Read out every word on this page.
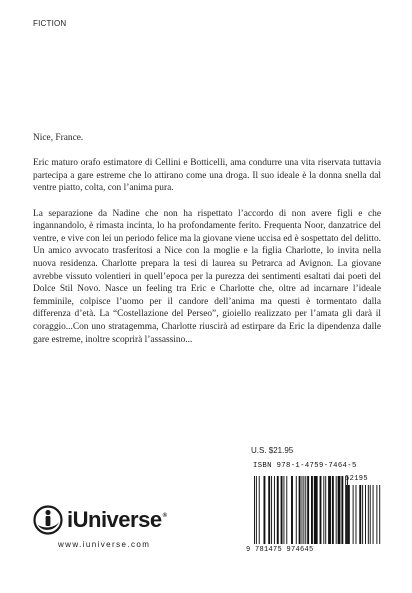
FICTION

Nice, France.

Eric maturo orafo estimatore di Cellini e Botticelli, ama condurre una vita riservata tuttavia partecipa a gare estreme che lo attirano come una droga. Il suo ideale è la donna snella dal ventre piatto, colta, con l’anima pura.

La separazione da Nadine che non ha rispettato l’accordo di non avere figli e che ingannandolo, è rimasta incinta, lo ha profondamente ferito. Frequenta Noor, danzatrice del ventre, e vive con lei un periodo felice ma la giovane viene uccisa ed è sospettato del delitto. Un amico avvocato trasferitosi a Nice con la moglie e la figlia Charlotte, lo invita nella nuova residenza. Charlotte prepara la tesi di laurea su Petrarca ad Avignon. La giovane avrebbe vissuto volentieri in quell’epoca per la purezza dei sentimenti esaltati dai poeti del Dolce Stil Novo. Nasce un feeling tra Eric e Charlotte che, oltre ad incarnare l’ideale femminile, colpisce l’uomo per il candore dell’anima ma questi è tormentato dalla differenza d’età. La “Costellazione del Perseo”, gioiello realizzato per l’amata gli darà il coraggio...Con uno stratagemma, Charlotte riuscirà ad estirpare da Eric la dipendenza dalle gare estreme, inoltre scoprirà l’assassino...

U.S. $21.95
ISBN 978-1-4759-7464-5
52195
9 781475 974645
iUniverse®
www.iuniverse.com
